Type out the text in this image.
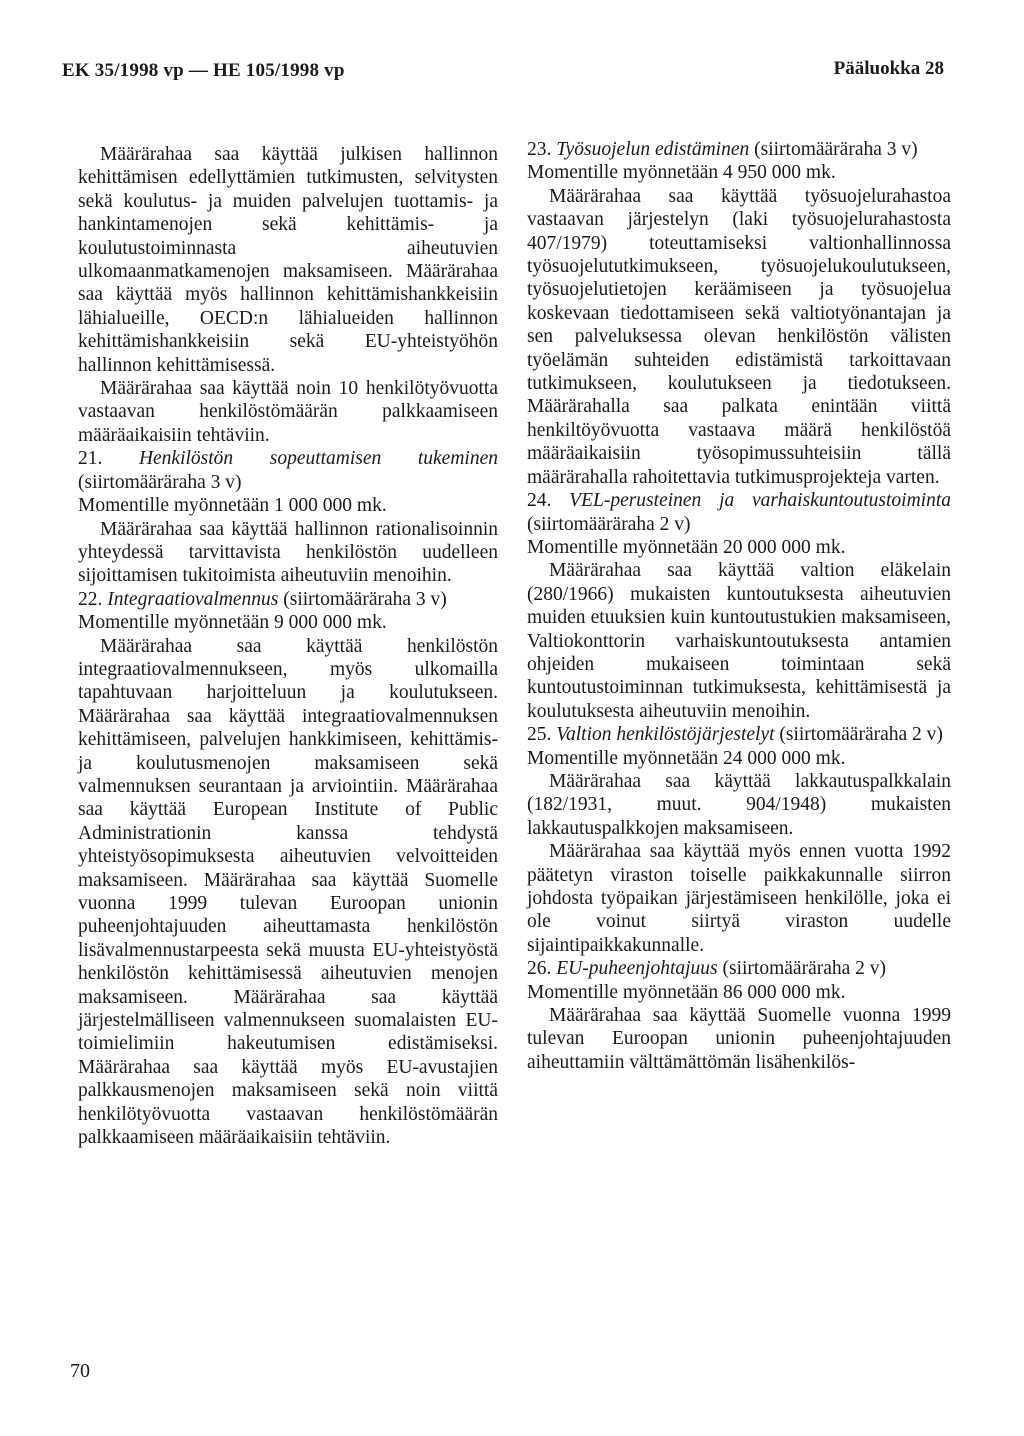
EK 35/1998 vp — HE 105/1998 vp	Pääluokka 28

Määrärahaa saa käyttää julkisen hallinnon kehittämisen edellyttämien tutkimusten, selvitysten sekä koulutus- ja muiden palvelujen tuottamis- ja hankintamenojen sekä kehittämis- ja koulutustoiminnasta aiheutuvien ulkomaanmatkamenojen maksamiseen. Määrärahaa saa käyttää myös hallinnon kehittämishankkeisiin lähialueille, OECD:n lähialueiden hallinnon kehittämishankkeisiin sekä EU-yhteistyöhön hallinnon kehittämisessä.

Määrärahaa saa käyttää noin 10 henkilötyövuotta vastaavan henkilöstömäärän palkkaamiseen määräaikaisiin tehtäviin.

21. Henkilöstön sopeuttamisen tukeminen (siirtomääräraha 3 v)

Momentille myönnetään 1 000 000 mk.

Määrärahaa saa käyttää hallinnon rationalisoinnin yhteydessä tarvittavista henkilöstön uudelleen sijoittamisen tukitoimista aiheutuviin menoihin.

22. Integraatiovalmennus (siirtomääräraha 3 v)

Momentille myönnetään 9 000 000 mk.

Määrärahaa saa käyttää henkilöstön integraatiovalmennukseen, myös ulkomailla tapahtuvaan harjoitteluun ja koulutukseen. Määrärahaa saa käyttää integraatiovalmennuksen kehittämiseen, palvelujen hankkimiseen, kehittämis- ja koulutusmenojen maksamiseen sekä valmennuksen seurantaan ja arviointiin. Määrärahaa saa käyttää European Institute of Public Administrationin kanssa tehdystä yhteistyösopimuksesta aiheutuvien velvoitteiden maksamiseen. Määrärahaa saa käyttää Suomelle vuonna 1999 tulevan Euroopan unionin puheenjohtajuuden aiheuttamasta henkilöstön lisävalmennustarpeesta sekä muusta EU-yhteistyöstä henkilöstön kehittämisessä aiheutuvien menojen maksamiseen. Määrärahaa saa käyttää järjestelmälliseen valmennukseen suomalaisten EU-toimielimiin hakeutumisen edistämiseksi. Määrärahaa saa käyttää myös EU-avustajien palkkausmenojen maksamiseen sekä noin viittä henkilötyövuotta vastaavan henkilöstömäärän palkkaamiseen määräaikaisiin tehtäviin.

23. Työsuojelun edistäminen (siirtomääräraha 3 v)

Momentille myönnetään 4 950 000 mk.

Määrärahaa saa käyttää työsuojelurahastoa vastaavan järjestelyn (laki työsuojelurahastosta 407/1979) toteuttamiseksi valtionhallinnossa työsuojelututkimukseen, työsuojelukoulutukseen, työsuojelutietojen keräämiseen ja työsuojelua koskevaan tiedottamiseen sekä valtiotyönantajan ja sen palveluksessa olevan henkilöstön välisten työelämän suhteiden edistämistä tarkoittavaan tutkimukseen, koulutukseen ja tiedotukseen. Määrärahalla saa palkata enintään viittä henkiltöyövuotta vastaava määrä henkilöstöä määräaikaisiin työsopimussuhteisiin tällä määrärahalla rahoitettavia tutkimusprojekteja varten.

24. VEL-perusteinen ja varhaiskuntoutustoiminta (siirtomääräraha 2 v)

Momentille myönnetään 20 000 000 mk.

Määrärahaa saa käyttää valtion eläkelain (280/1966) mukaisten kuntoutuksesta aiheutuvien muiden etuuksien kuin kuntoutustukien maksamiseen, Valtiokonttorin varhaiskuntoutuksesta antamien ohjeiden mukaiseen toimintaan sekä kuntoutustoiminnan tutkimuksesta, kehittämisestä ja koulutuksesta aiheutuviin menoihin.

25. Valtion henkilöstöjärjestelyt (siirtomääräraha 2 v)

Momentille myönnetään 24 000 000 mk.

Määrärahaa saa käyttää lakkautuspalkkalain (182/1931, muut. 904/1948) mukaisten lakkautuspalkkojen maksamiseen.

Määrärahaa saa käyttää myös ennen vuotta 1992 päätetyn viraston toiselle paikkakunnalle siirron johdosta työpaikan järjestämiseen henkilölle, joka ei ole voinut siirtyä viraston uudelle sijaintipaikkakunnalle.

26. EU-puheenjohtajuus (siirtomääräraha 2 v)

Momentille myönnetään 86 000 000 mk.

Määrärahaa saa käyttää Suomelle vuonna 1999 tulevan Euroopan unionin puheenjohtajuuden aiheuttamiin välttämättömän lisähenkilös-

70
